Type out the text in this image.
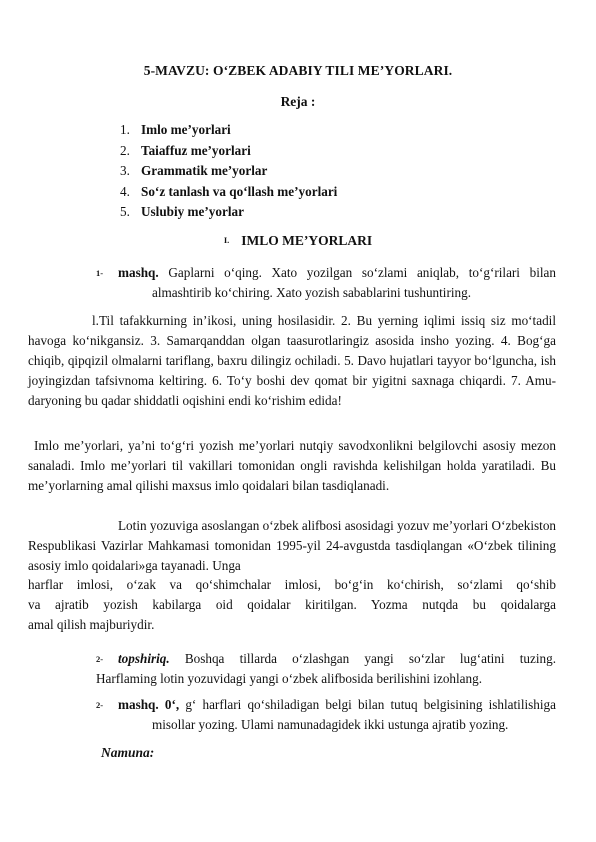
5-MAVZU: O‘ZBEK ADABIY TILI ME’YORLARI.
Reja :
1. Imlo me’yorlari
2. Taiaffuz me’yorlari
3. Grammatik me’yorlar
4. So‘z tanlash va qo‘llash me’yorlari
5. Uslubiy me’yorlar
I. IMLO ME’YORLARI
1- mashq. Gaplarni o‘qing. Xato yozilgan so‘zlami aniqlab, to‘g‘rilari bilan
almashtirib ko‘chiring. Xato yozish sabablarini tushuntiring.

l.Til tafakkurning in’ikosi, uning hosilasidir. 2. Bu yerning iqlimi issiq siz mo‘tadil havoga ko‘nikgansiz. 3. Samarqanddan olgan taasurotlaringiz asosida insho yozing. 4. Bog‘ga chiqib, qipqizil olmalarni tariflang, baxru dilingiz ochiladi. 5. Davo hujatlari tayyor bo‘lguncha, ish joyingizdan tafsivnoma keltiring. 6. To‘y boshi dev qomat bir yigitni saxnaga chiqardi. 7. Amu- daryoning bu qadar shiddatli oqishini endi ko‘rishim edida!

Imlo me’yorlari, ya’ni to‘g‘ri yozish me’yorlari nutqiy savodxonlikni belgilovchi asosiy mezon sanaladi. Imlo me’yorlari til vakillari tomonidan ongli ravishda kelishilgan holda yaratiladi. Bu me’yorlarning amal qilishi maxsus imlo qoidalari bilan tasdiqlanadi.

Lotin yozuviga asoslangan o‘zbek alifbosi asosidagi yozuv me’yorlari O‘zbekiston Respublikasi Vazirlar Mahkamasi tomonidan 1995-yil 24-avgustda tasdiqlangan «O‘zbek tilining asosiy imlo qoidalari»ga tayanadi. Unga

harflar imlosi, o‘zak va qo‘shimchalar imlosi, bo‘g‘in ko‘chirish, so‘zlami qo‘shib
va ajratib yozish kabilarga oid qoidalar kiritilgan. Yozma nutqda bu qoidalarga
amal qilish majburiydir.
2- topshiriq. Boshqa tillarda o‘zlashgan yangi so‘zlar lug‘atini tuzing.
Harflaming lotin yozuvidagi yangi o‘zbek alifbosida berilishini izohlang.
2- mashq. 0‘, g‘ harflari qo‘shiladigan belgi bilan tutuq belgisining ishlatilishiga
misollar yozing. Ulami namunadagidek ikki ustunga ajratib yozing.
Namuna:
